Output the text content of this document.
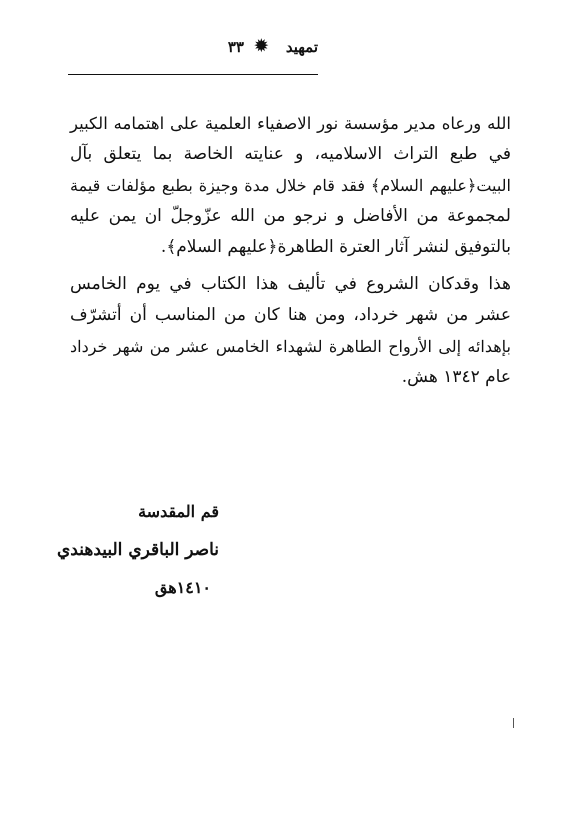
تمهيد
✹
٣٣
الله ورعاه مدير مؤسسة نور الاصفياء العلمية على اهتمامه الكبير
في طبع التراث الاسلاميه، و عنايته الخاصة بما يتعلق بآل
البيت﴿عليهم السلام﴾ فقد قام خلال مدة وجيزة بطبع مؤلفات قيمة
لمجموعة من الأفاضل و نرجو من الله عزّوجلّ ان يمن عليه
بالتوفيق لنشر آثار العترة الطاهرة﴿عليهم السلام﴾.
هذا وقدكان الشروع في تأليف هذا الكتاب في يوم الخامس
عشر من شهر خرداد، ومن هنا كان من المناسب أن أتشرّف
بإهدائه إلى الأرواح الطاهرة لشهداء الخامس عشر من شهر خرداد
عام ١٣٤٢ هش.
قم المقدسة
ناصر الباقري البيدهندي
١٤١٠هق
